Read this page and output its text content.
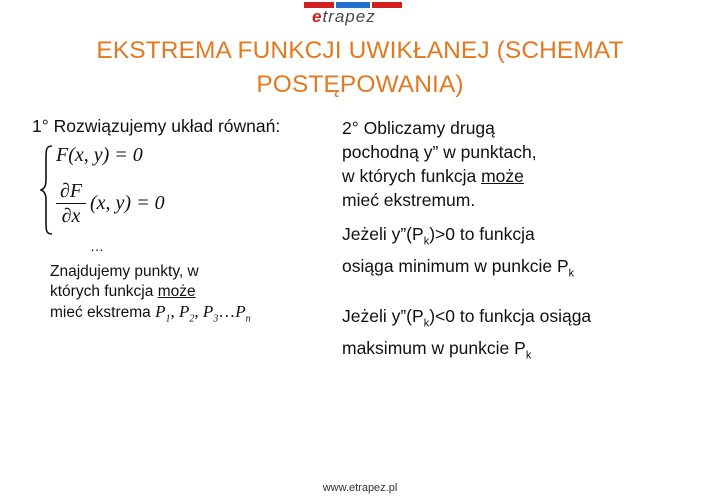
etrapez
EKSTREMA FUNKCJI UWIKŁANEJ (SCHEMAT
POSTĘPOWANIA)
1° Rozwiązujemy układ równań:
F(x, y) = 0
∂F
∂x
(x, y) = 0
…
Znajdujemy punkty, w
których funkcja może
mieć ekstrema $P_1$, $P_2$, $P_3\dots P_n$
2° Obliczamy drugą
pochodną y” w punktach,
w których funkcja może
mieć ekstremum.
Jeżeli $y”(P_k)>0$ to funkcja
osiąga minimum w punkcie $P_k$
Jeżeli $y”(P_k)<0$ to funkcja osiąga
maksimum w punkcie $P_k$
www.etrapez.pl
